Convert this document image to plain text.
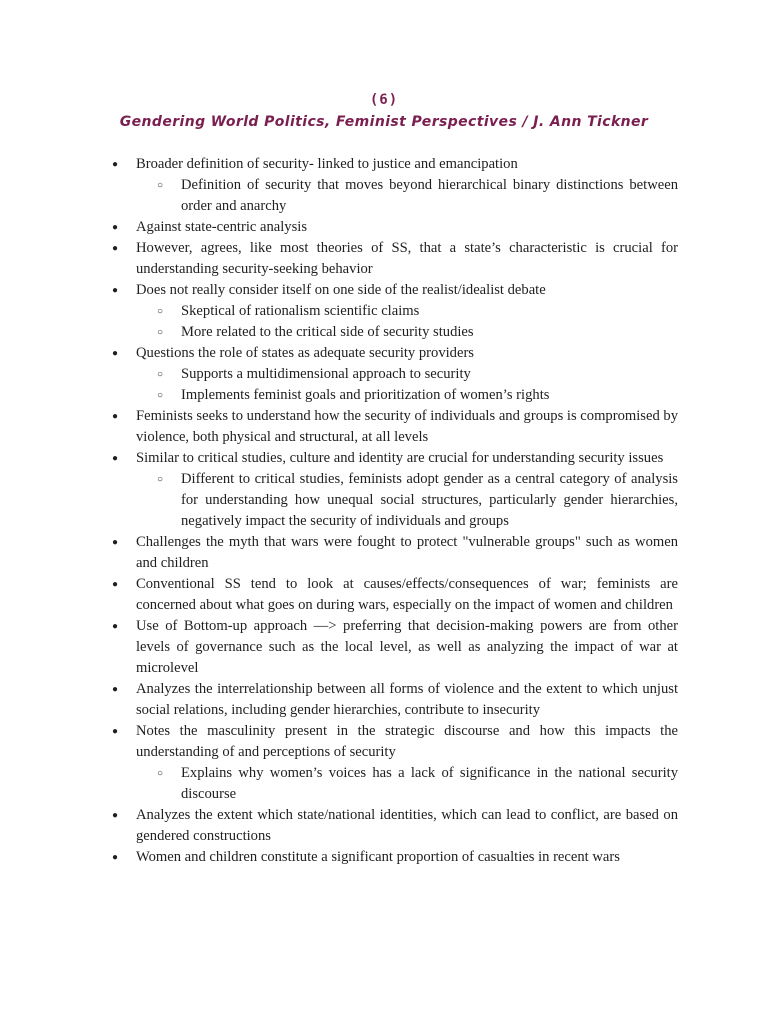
(6)
Gendering World Politics, Feminist Perspectives / J. Ann Tickner
● Broader definition of security- linked to justice and emancipation
○ Definition of security that moves beyond hierarchical binary distinctions between order and anarchy
● Against state-centric analysis
● However, agrees, like most theories of SS, that a state’s characteristic is crucial for understanding security-seeking behavior
● Does not really consider itself on one side of the realist/idealist debate
○ Skeptical of rationalism scientific claims
○ More related to the critical side of security studies
● Questions the role of states as adequate security providers
○ Supports a multidimensional approach to security
○ Implements feminist goals and prioritization of women’s rights
● Feminists seeks to understand how the security of individuals and groups is compromised by violence, both physical and structural, at all levels
● Similar to critical studies, culture and identity are crucial for understanding security issues
○ Different to critical studies, feminists adopt gender as a central category of analysis for understanding how unequal social structures, particularly gender hierarchies, negatively impact the security of individuals and groups
● Challenges the myth that wars were fought to protect "vulnerable groups" such as women and children
● Conventional SS tend to look at causes/effects/consequences of war; feminists are concerned about what goes on during wars, especially on the impact of women and children
● Use of Bottom-up approach —> preferring that decision-making powers are from other levels of governance such as the local level, as well as analyzing the impact of war at microlevel
● Analyzes the interrelationship between all forms of violence and the extent to which unjust social relations, including gender hierarchies, contribute to insecurity
● Notes the masculinity present in the strategic discourse and how this impacts the understanding of and perceptions of security
○ Explains why women’s voices has a lack of significance in the national security discourse
● Analyzes the extent which state/national identities, which can lead to conflict, are based on gendered constructions
● Women and children constitute a significant proportion of casualties in recent wars
